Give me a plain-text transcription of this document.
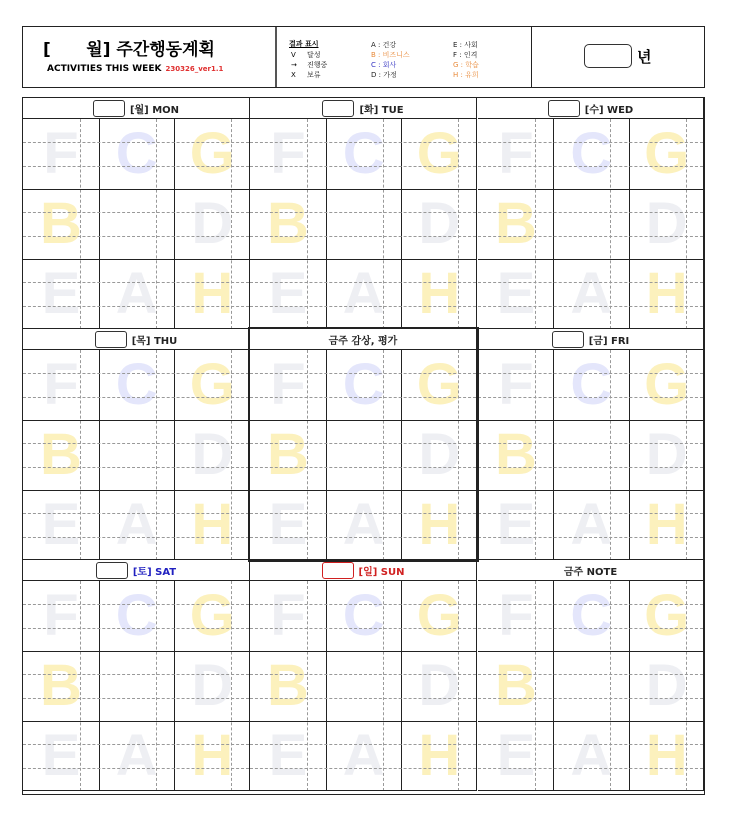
[      월] 주간행동계획
ACTIVITIES THIS WEEK 230326_ver1.1
결과 표시
V 달성
→ 진행중
X 보류
A : 건강
B : 비즈니스
C : 회사
D : 가정
E : 사회
F : 인격
G : 학습
H : 유희
년
[월] MON
F C G
B D
E A H
[화] TUE
F C G
B D
E A H
[수] WED
F C G
B D
E A H
[목] THU
F C G
B D
E A H
금주 감상, 평가
F C G
B D
E A H
[금] FRI
F C G
B D
E A H
[토] SAT
F C G
B D
E A H
[일] SUN
F C G
B D
E A H
금주 NOTE
F C G
B D
E A H
